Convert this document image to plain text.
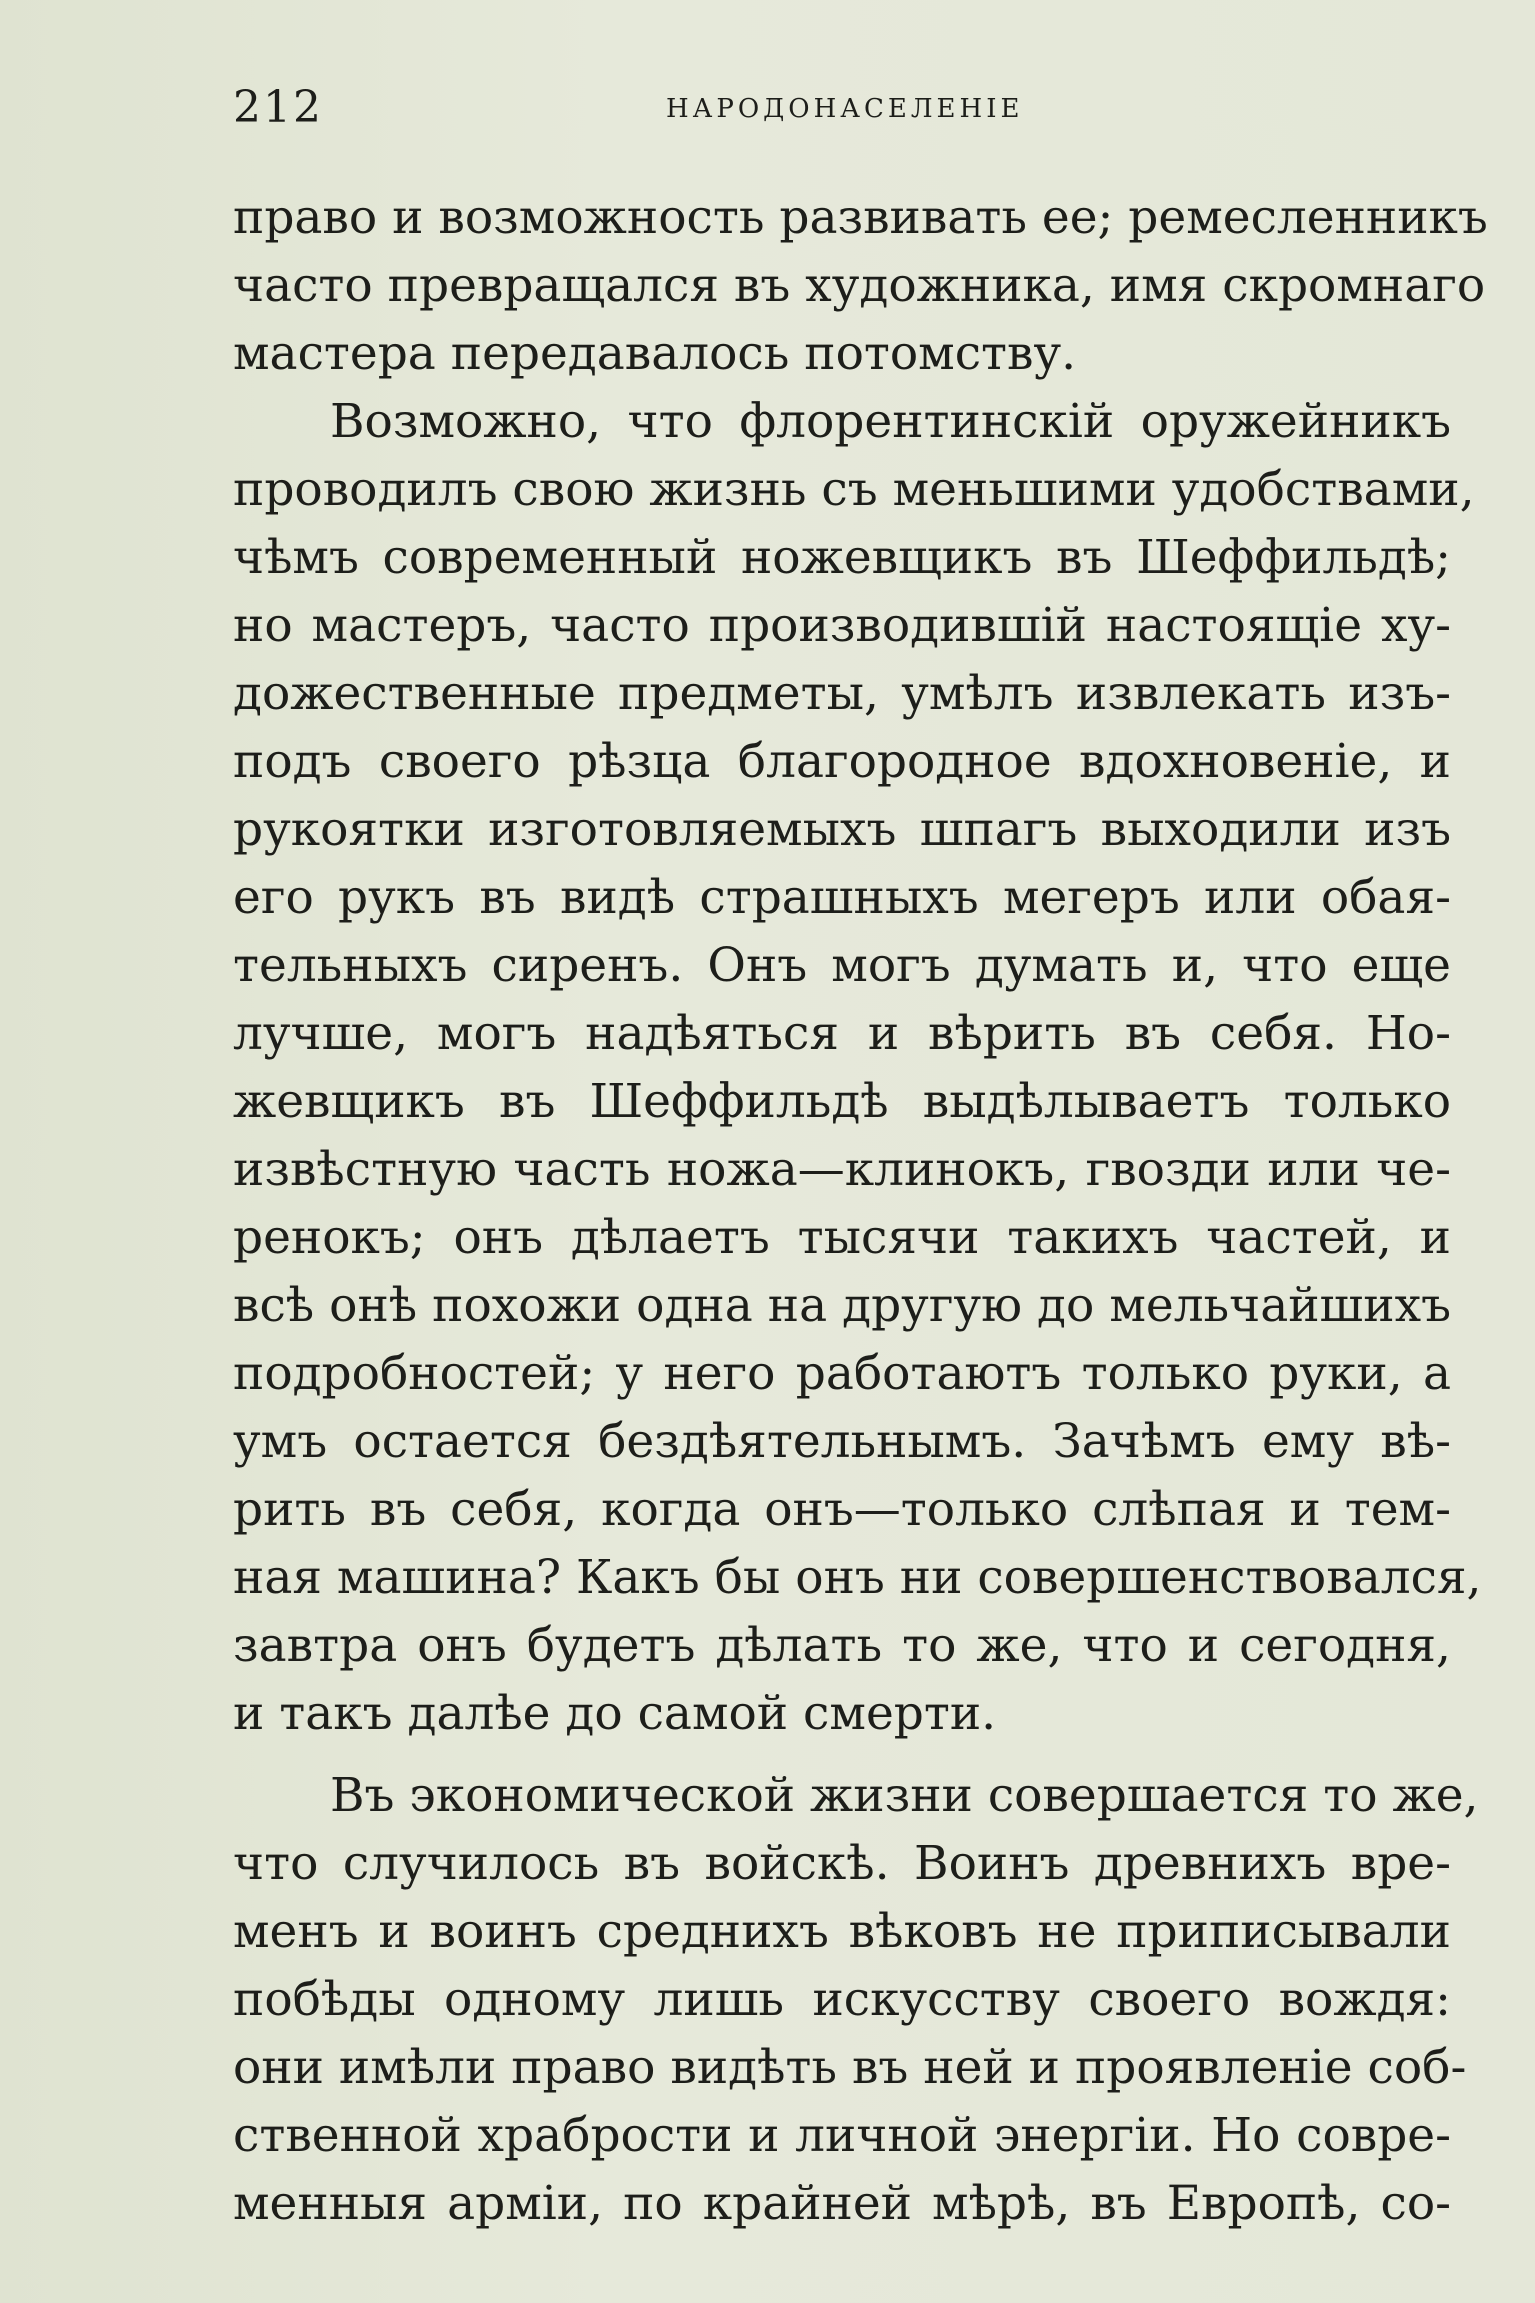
212	НАРОДОНАСЕЛЕНІЕ
право и возможность развивать ее; ремесленникъ
часто превращался въ художника, имя скромнаго
мастера передавалось потомству.
Возможно, что флорентинскій оружейникъ
проводилъ свою жизнь съ меньшими удобствами,
чѣмъ современный ножевщикъ въ Шеффильдѣ;
но мастеръ, часто производившій настоящіе ху-
дожественные предметы, умѣлъ извлекать изъ-
подъ своего рѣзца благородное вдохновеніе, и
рукоятки изготовляемыхъ шпагъ выходили изъ
его рукъ въ видѣ страшныхъ мегеръ или обая-
тельныхъ сиренъ. Онъ могъ думать и, что еще
лучше, могъ надѣяться и вѣрить въ себя. Но-
жевщикъ въ Шеффильдѣ выдѣлываетъ только
извѣстную часть ножа—клинокъ, гвозди или че-
ренокъ; онъ дѣлаетъ тысячи такихъ частей, и
всѣ онѣ похожи одна на другую до мельчайшихъ
подробностей; у него работаютъ только руки, а
умъ остается бездѣятельнымъ. Зачѣмъ ему вѣ-
рить въ себя, когда онъ—только слѣпая и тем-
ная машина? Какъ бы онъ ни совершенствовался,
завтра онъ будетъ дѣлать то же, что и сегодня,
и такъ далѣе до самой смерти.
Въ экономической жизни совершается то же,
что случилось въ войскѣ. Воинъ древнихъ вре-
менъ и воинъ среднихъ вѣковъ не приписывали
побѣды одному лишь искусству своего вождя:
они имѣли право видѣть въ ней и проявленіе соб-
ственной храбрости и личной энергіи. Но совре-
менныя арміи, по крайней мѣрѣ, въ Европѣ, со-
